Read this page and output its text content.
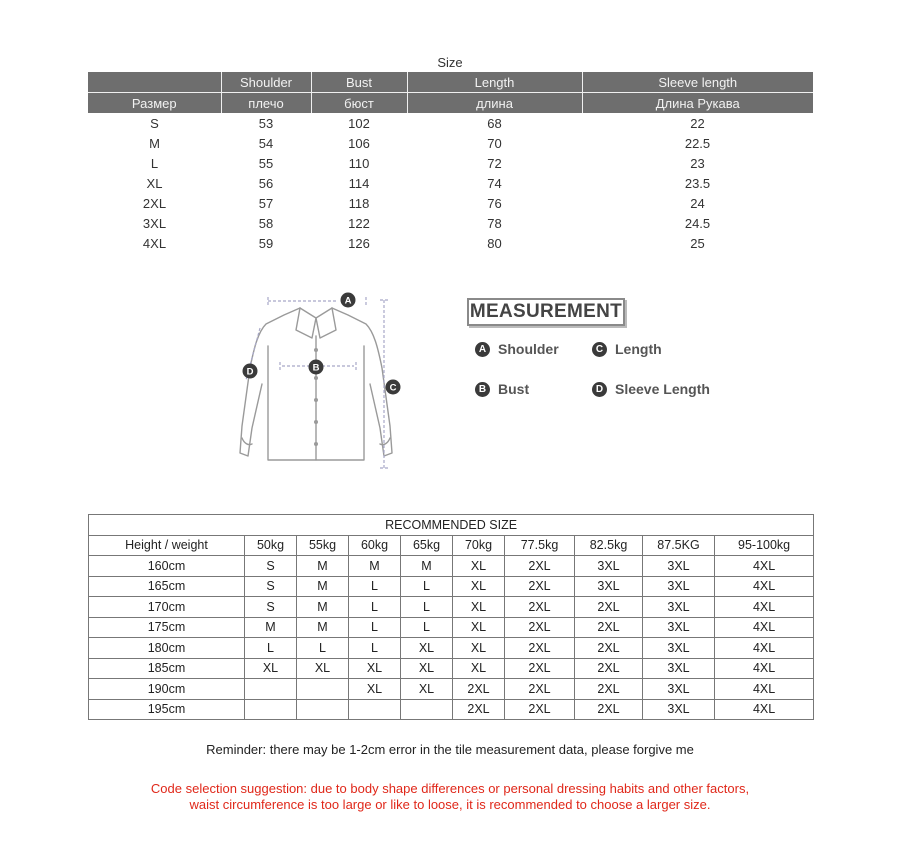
Size
	Shoulder	Bust	Length	Sleeve length
Размер	плечо	бюст	длина	Длина Рукава
S	53	102	68	22
M	54	106	70	22.5
L	55	110	72	23
XL	56	114	74	23.5
2XL	57	118	76	24
3XL	58	122	78	24.5
4XL	59	126	80	25
A
B
C
D
MEASUREMENT
A Shoulder	C Length
B Bust	D Sleeve Length
RECOMMENDED SIZE									
Height / weight	50kg	55kg	60kg	65kg	70kg	77.5kg	82.5kg	87.5KG	95-100kg
160cm	S	M	M	M	XL	2XL	3XL	3XL	4XL
165cm	S	M	L	L	XL	2XL	3XL	3XL	4XL
170cm	S	M	L	L	XL	2XL	2XL	3XL	4XL
175cm	M	M	L	L	XL	2XL	2XL	3XL	4XL
180cm	L	L	L	XL	XL	2XL	2XL	3XL	4XL
185cm	XL	XL	XL	XL	XL	2XL	2XL	3XL	4XL
190cm			XL	XL	2XL	2XL	2XL	3XL	4XL
195cm					2XL	2XL	2XL	3XL	4XL
Reminder: there may be 1-2cm error in the tile measurement data, please forgive me
Code selection suggestion: due to body shape differences or personal dressing habits and other factors, waist circumference is too large or like to loose, it is recommended to choose a larger size.
